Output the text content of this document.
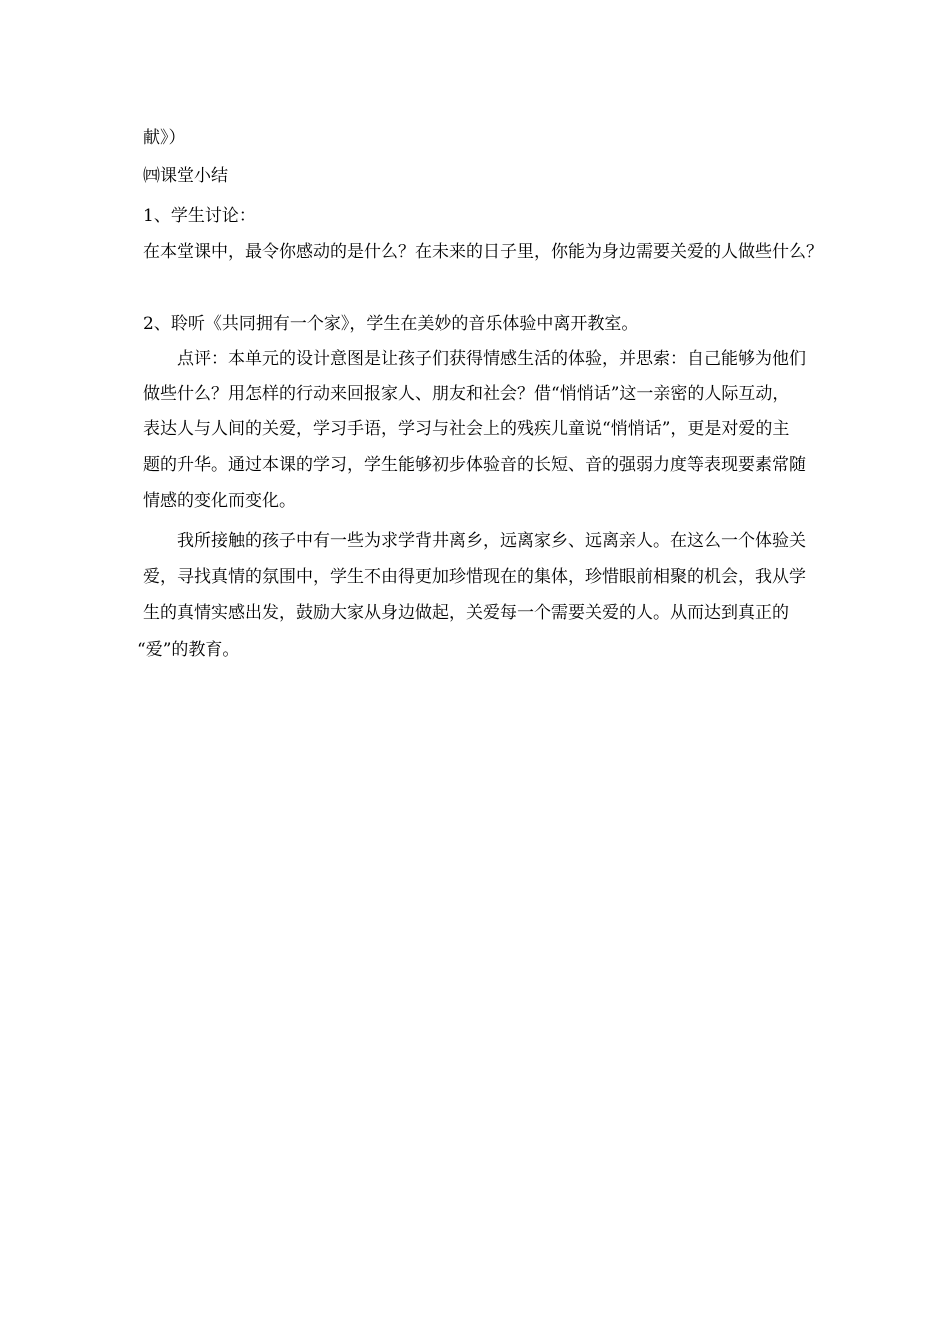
献》）
㈣课堂小结
1、学生讨论：
在本堂课中，最令你感动的是什么？在未来的日子里，你能为身边需要关爱的人做些什么？
2、聆听《共同拥有一个家》，学生在美妙的音乐体验中离开教室。
点评：本单元的设计意图是让孩子们获得情感生活的体验，并思索：自己能够为他们
做些什么？用怎样的行动来回报家人、朋友和社会？借“悄悄话”这一亲密的人际互动，
表达人与人间的关爱，学习手语，学习与社会上的残疾儿童说“悄悄话”，更是对爱的主
题的升华。通过本课的学习，学生能够初步体验音的长短、音的强弱力度等表现要素常随
情感的变化而变化。
我所接触的孩子中有一些为求学背井离乡，远离家乡、远离亲人。在这么一个体验关
爱，寻找真情的氛围中，学生不由得更加珍惜现在的集体，珍惜眼前相聚的机会，我从学
生的真情实感出发，鼓励大家从身边做起，关爱每一个需要关爱的人。从而达到真正的
“爱”的教育。
